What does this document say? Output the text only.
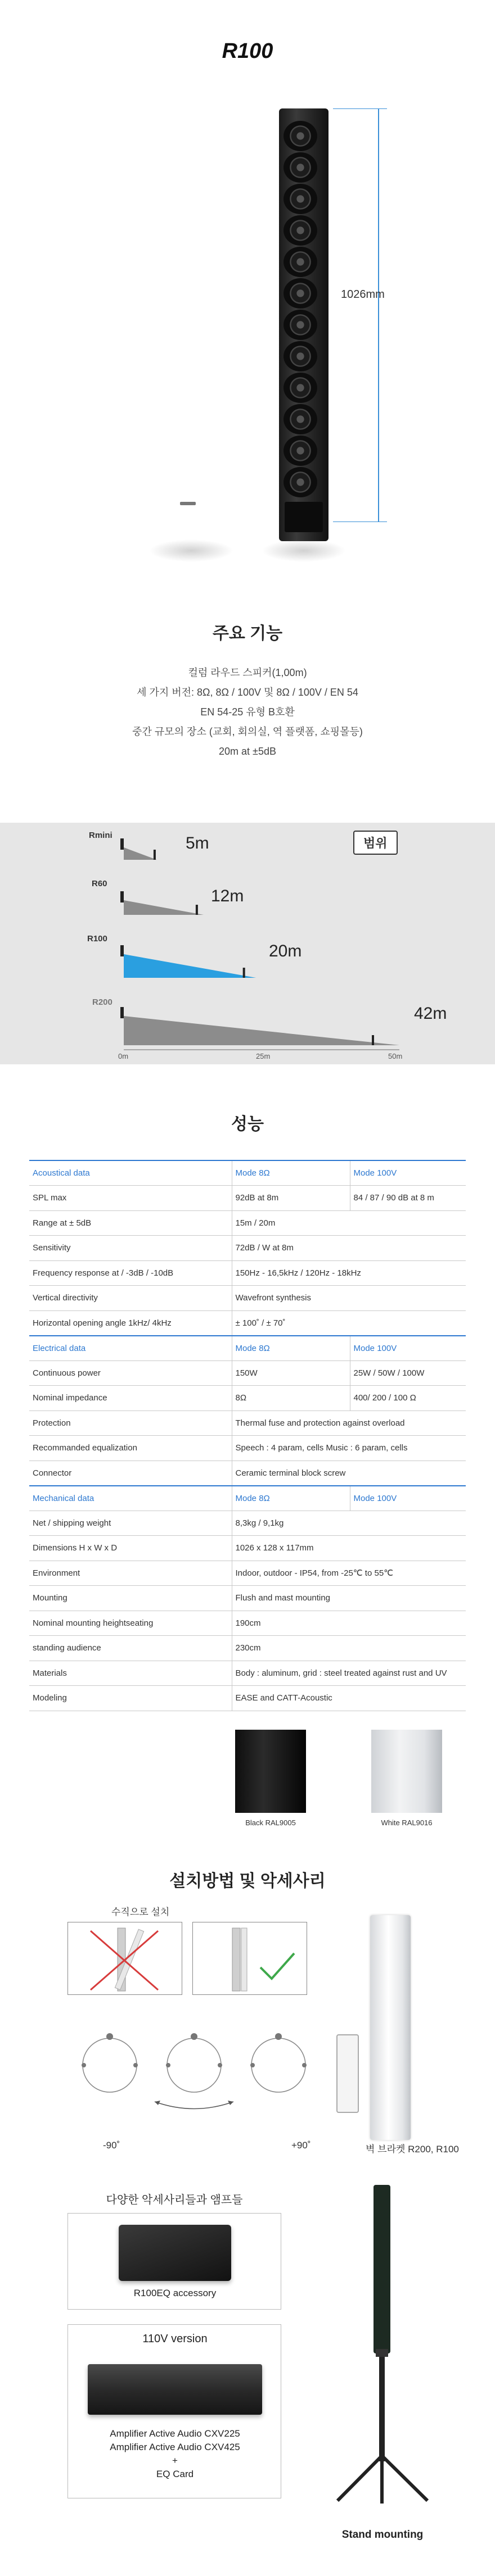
R100
1026mm
주요 기능
컬럼 라우드 스피커(1,00m)
세 가지 버전: 8Ω, 8Ω / 100V 및 8Ω / 100V / EN 54
EN 54-25 유형 B호환
중간 규모의 장소 (교회, 회의실, 역 플랫폼, 쇼핑몰등)
20m at ±5dB
범위
Rmini	5m
R60
12m
R100
20m
R200
42m
0m	25m	50m
성능
Acoustical data	Mode 8Ω	Mode 100V
SPL max	92dB at 8m	84 / 87 / 90 dB at 8 m
Range at ± 5dB	15m / 20m	
Sensitivity	72dB / W at 8m	
Frequency response at / -3dB / -10dB	150Hz - 16,5kHz / 120Hz - 18kHz	
Vertical directivity	Wavefront synthesis	
Horizontal opening angle 1kHz/ 4kHz	± 100˚ / ± 70˚	
Electrical data	Mode 8Ω	Mode 100V
Continuous power	150W	25W / 50W / 100W
Nominal impedance	8Ω	400/ 200 / 100 Ω
Protection	Thermal fuse and protection against overload	
Recommanded equalization	Speech : 4 param, cells Music : 6 param, cells	
Connector	Ceramic terminal block screw	
Mechanical data	Mode 8Ω	Mode 100V
Net / shipping weight	8,3kg / 9,1kg	
Dimensions H x W x D	1026 x 128 x 117mm	
Environment	Indoor, outdoor - IP54, from -25℃ to 55℃	
Mounting	Flush and mast mounting	
Nominal mounting heightseating	190cm	
standing audience	230cm	
Materials	Body : aluminum, grid : steel treated against rust and UV	
Modeling	EASE and CATT-Acoustic	
Black RAL9005	White RAL9016
설치방법 및 악세사리
수직으로 설치
-90˚	+90˚	벽 브라켓 R200, R100
다양한 악세사리들과 앰프들
R100EQ accessory
110V version
Amplifier Active Audio CXV225
Amplifier Active Audio CXV425
+
EQ Card
Stand mounting
